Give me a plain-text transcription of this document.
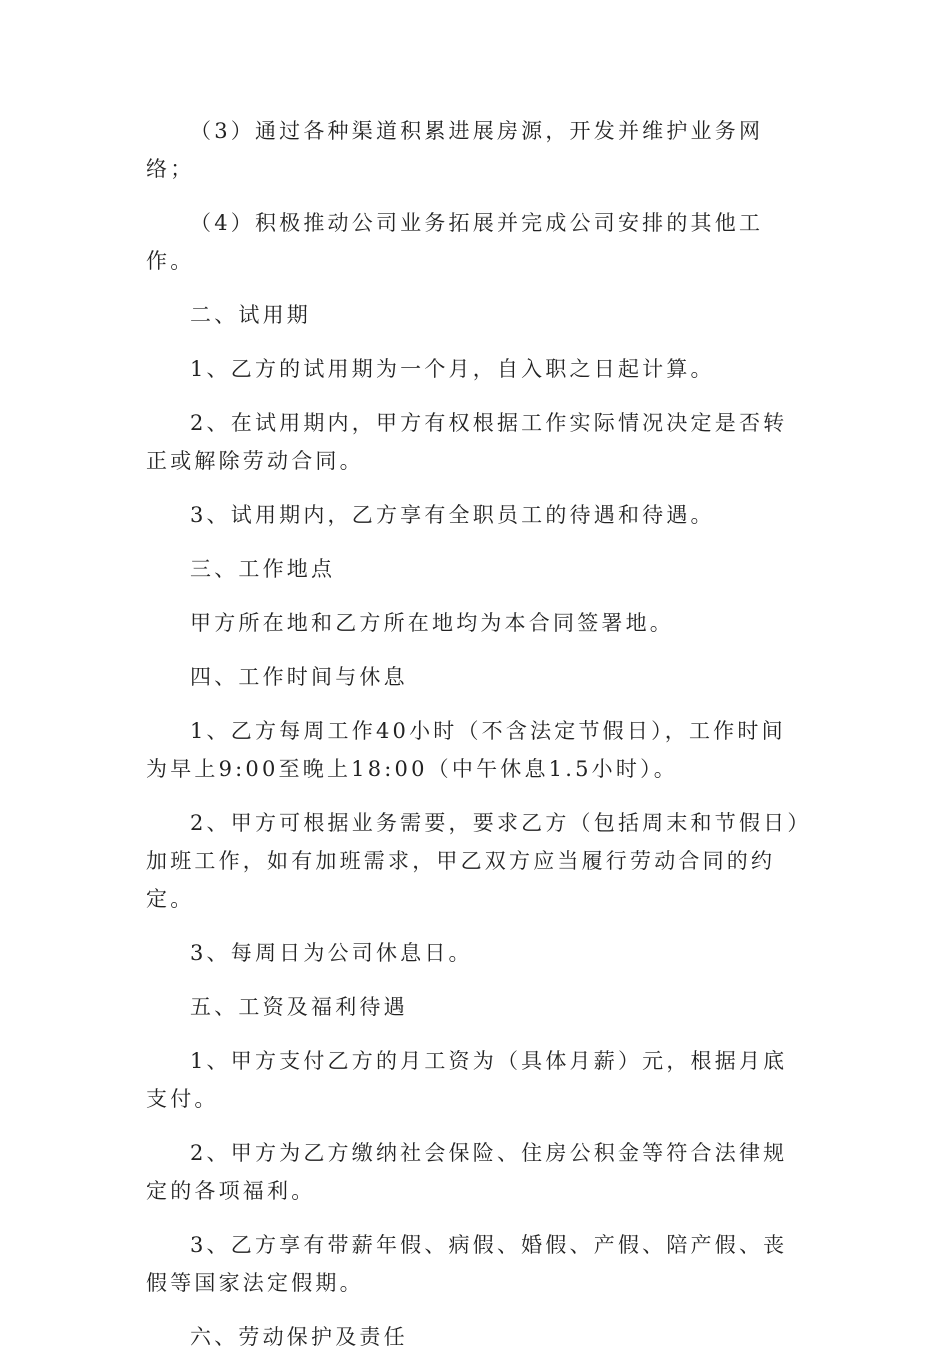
（3）通过各种渠道积累进展房源，开发并维护业务网络；

（4）积极推动公司业务拓展并完成公司安排的其他工作。

二、试用期

1、乙方的试用期为一个月，自入职之日起计算。

2、在试用期内，甲方有权根据工作实际情况决定是否转正或解除劳动合同。

3、试用期内，乙方享有全职员工的待遇和待遇。

三、工作地点

甲方所在地和乙方所在地均为本合同签署地。

四、工作时间与休息

1、乙方每周工作40小时（不含法定节假日），工作时间为早上9:00至晚上18:00（中午休息1.5小时）。

2、甲方可根据业务需要，要求乙方（包括周末和节假日）加班工作，如有加班需求，甲乙双方应当履行劳动合同的约定。

3、每周日为公司休息日。

五、工资及福利待遇

1、甲方支付乙方的月工资为（具体月薪）元，根据月底支付。

2、甲方为乙方缴纳社会保险、住房公积金等符合法律规定的各项福利。

3、乙方享有带薪年假、病假、婚假、产假、陪产假、丧假等国家法定假期。

六、劳动保护及责任
